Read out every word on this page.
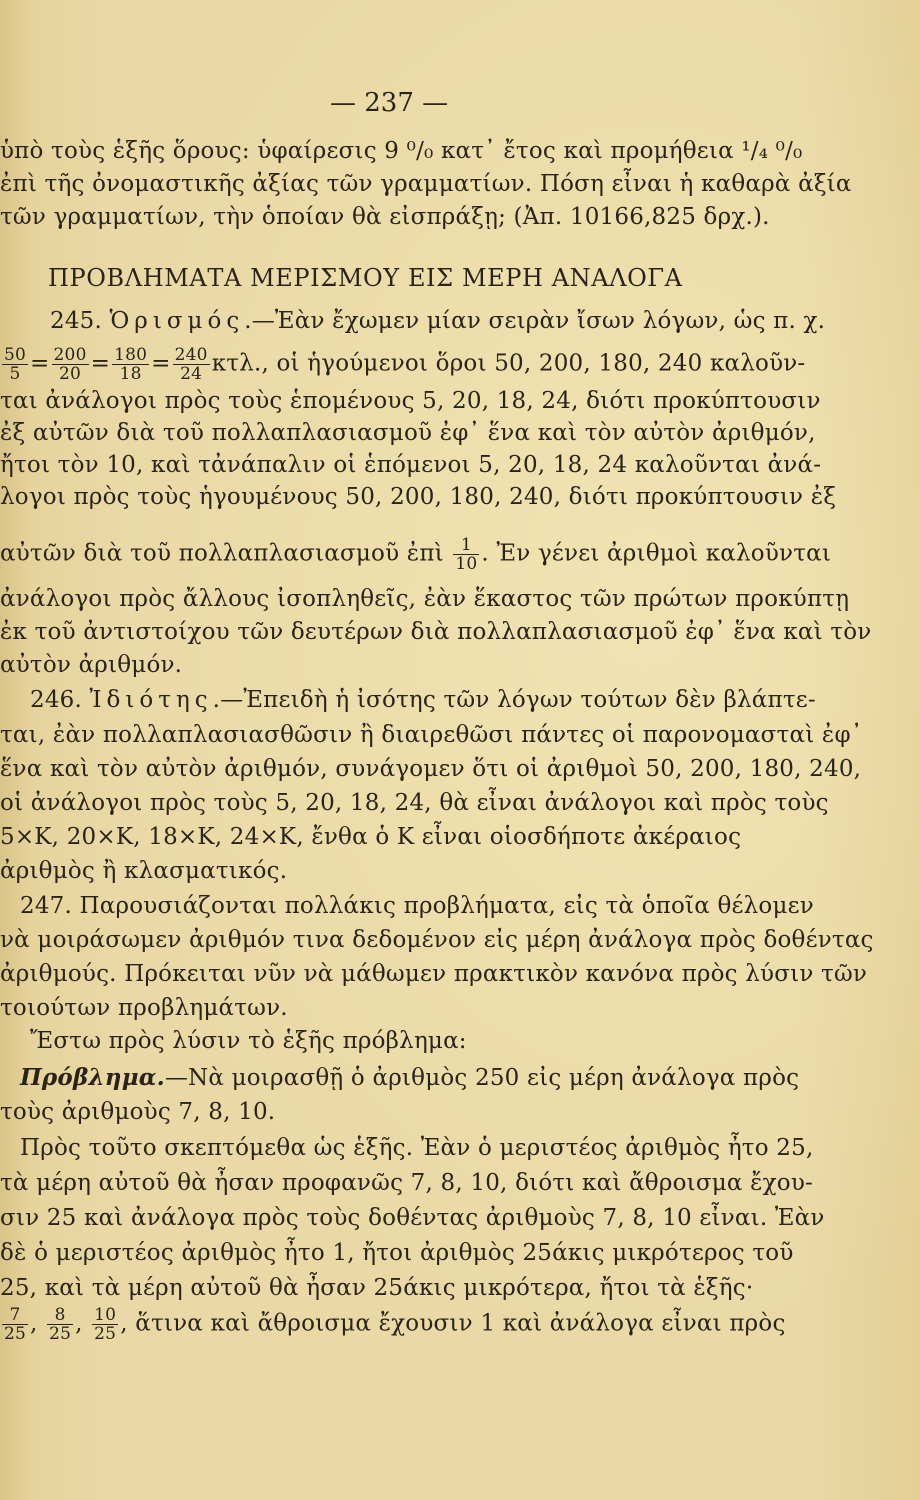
— 237 —
ὑπὸ τοὺς ἑξῆς ὅρους: ὑφαίρεσις 9 ⁰/₀ κατ᾽ ἔτος καὶ προμήθεια ¹/₄ ⁰/₀
ἐπὶ τῆς ὀνομαστικῆς ἀξίας τῶν γραμματίων. Πόση εἶναι ἡ καθαρὰ ἀξία
τῶν γραμματίων, τὴν ὁποίαν θὰ εἰσπράξῃ; (Ἀπ. 10166,825 δρχ.).
ΠΡΟΒΛΗΜΑΤΑ ΜΕΡΙΣΜΟΥ ΕΙΣ ΜΕΡΗ ΑΝΑΛΟΓΑ
245. Ὁρισμός.—Ἐὰν ἔχωμεν μίαν σειρὰν ἴσων λόγων, ὡς π. χ.
$\frac{50}{5} = \frac{200}{20} = \frac{180}{18} = \frac{240}{24} \kappa\tau\lambda$., οἱ ἡγούμενοι ὅροι 50, 200, 180, 240 καλοῦν-
ται ἀνάλογοι πρὸς τοὺς ἑπομένους 5, 20, 18, 24, διότι προκύπτουσιν
ἐξ αὐτῶν διὰ τοῦ πολλαπλασιασμοῦ ἐφ᾽ ἕνα καὶ τὸν αὐτὸν ἀριθμόν,
ἤτοι τὸν 10, καὶ τἀνάπαλιν οἱ ἑπόμενοι 5, 20, 18, 24 καλοῦνται ἀνά-
λογοι πρὸς τοὺς ἡγουμένους 50, 200, 180, 240, διότι προκύπτουσιν ἐξ
αὐτῶν διὰ τοῦ πολλαπλασιασμοῦ ἐπὶ $\frac{1}{10}$ . Ἐν γένει ἀριθμοὶ καλοῦνται
ἀνάλογοι πρὸς ἄλλους ἰσοπληθεῖς, ἐὰν ἕκαστος τῶν πρώτων προκύπτῃ
ἐκ τοῦ ἀντιστοίχου τῶν δευτέρων διὰ πολλαπλασιασμοῦ ἐφ᾽ ἕνα καὶ τὸν
αὐτὸν ἀριθμόν.
246. Ἰδιότης.—Ἐπειδὴ ἡ ἰσότης τῶν λόγων τούτων δὲν βλάπτε-
ται, ἐὰν πολλαπλασιασθῶσιν ἢ διαιρεθῶσι πάντες οἱ παρονομασταὶ ἐφ᾽
ἕνα καὶ τὸν αὐτὸν ἀριθμόν, συνάγομεν ὅτι οἱ ἀριθμοὶ 50, 200, 180, 240,
οἱ ἀνάλογοι πρὸς τοὺς 5, 20, 18, 24, θὰ εἶναι ἀνάλογοι καὶ πρὸς τοὺς
5×Κ, 20×Κ, 18×Κ, 24×Κ, ἔνθα ὁ Κ εἶναι οἱοσδήποτε ἀκέραιος
ἀριθμὸς ἢ κλασματικός.
247. Παρουσιάζονται πολλάκις προβλήματα, εἰς τὰ ὁποῖα θέλομεν
νὰ μοιράσωμεν ἀριθμόν τινα δεδομένον εἰς μέρη ἀνάλογα πρὸς δοθέντας
ἀριθμούς. Πρόκειται νῦν νὰ μάθωμεν πρακτικὸν κανόνα πρὸς λύσιν τῶν
τοιούτων προβλημάτων.
Ἔστω πρὸς λύσιν τὸ ἑξῆς πρόβλημα:
Πρόβλημα.—Νὰ μοιρασθῇ ὁ ἀριθμὸς 250 εἰς μέρη ἀνάλογα πρὸς
τοὺς ἀριθμοὺς 7, 8, 10.
Πρὸς τοῦτο σκεπτόμεθα ὡς ἑξῆς. Ἐὰν ὁ μεριστέος ἀριθμὸς ἦτο 25,
τὰ μέρη αὐτοῦ θὰ ἦσαν προφανῶς 7, 8, 10, διότι καὶ ἄθροισμα ἔχου-
σιν 25 καὶ ἀνάλογα πρὸς τοὺς δοθέντας ἀριθμοὺς 7, 8, 10 εἶναι. Ἐὰν
δὲ ὁ μεριστέος ἀριθμὸς ἦτο 1, ἤτοι ἀριθμὸς 25άκις μικρότερος τοῦ
25, καὶ τὰ μέρη αὐτοῦ θὰ ἦσαν 25άκις μικρότερα, ἤτοι τὰ ἑξῆς·
$\frac{7}{25}$ , $\frac{8}{25}$ , $\frac{10}{25}$ , ἅτινα καὶ ἄθροισμα ἔχουσιν 1 καὶ ἀνάλογα εἶναι πρὸς
